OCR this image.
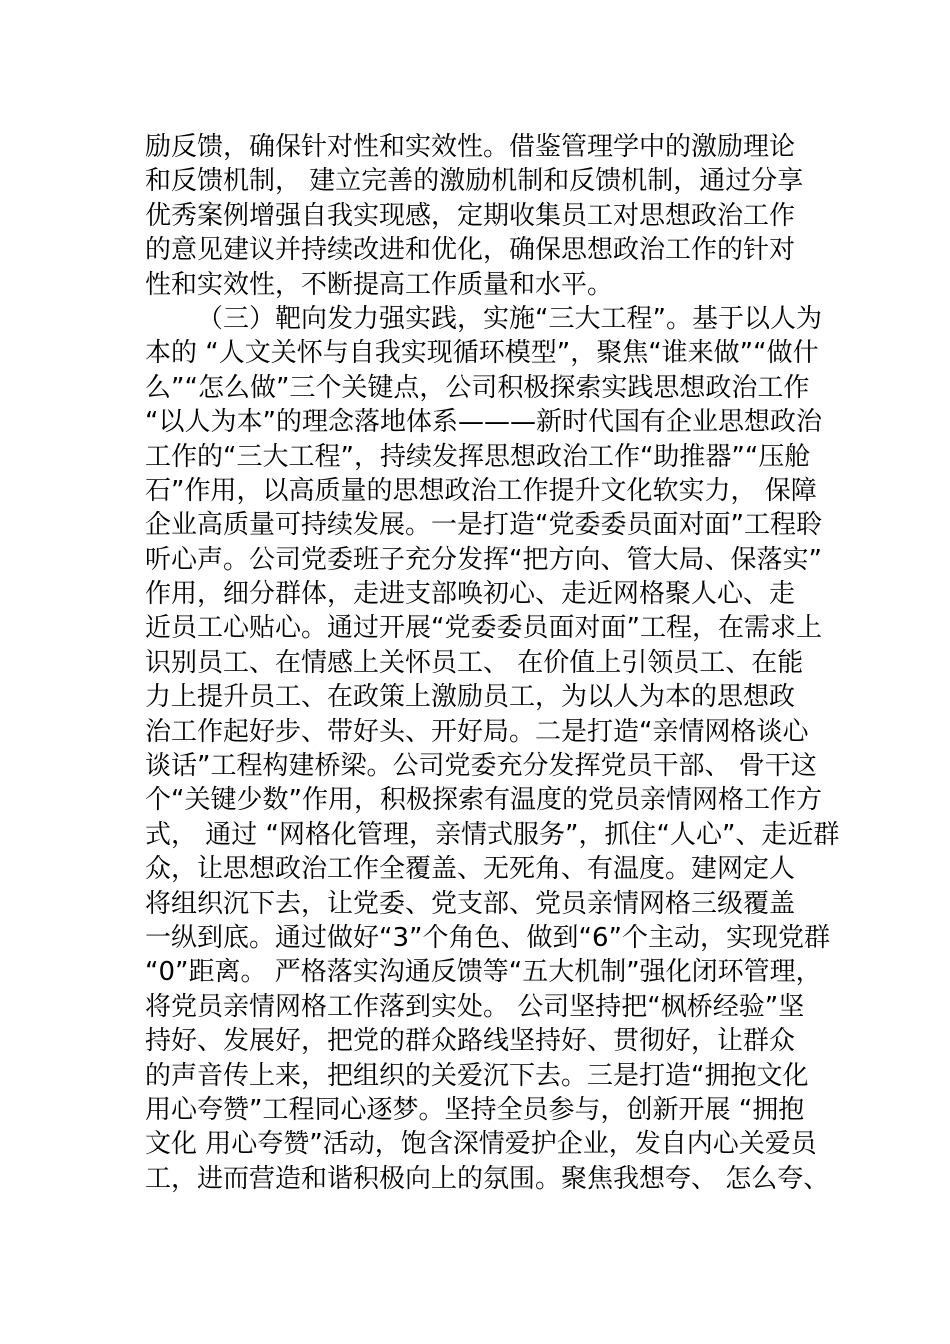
励反馈，确保针对性和实效性。借鉴管理学中的激励理论

和反馈机制， 建立完善的激励机制和反馈机制，通过分享

优秀案例增强自我实现感，定期收集员工对思想政治工作

的意见建议并持续改进和优化，确保思想政治工作的针对

性和实效性，不断提高工作质量和水平。

（三）靶向发力强实践，实施“三大工程”。基于以人为

本的 “人文关怀与自我实现循环模型”，聚焦“谁来做”“做什

么”“怎么做”三个关键点，公司积极探索实践思想政治工作

“以人为本”的理念落地体系———新时代国有企业思想政治

工作的“三大工程”，持续发挥思想政治工作“助推器”“压舱

石”作用，以高质量的思想政治工作提升文化软实力， 保障

企业高质量可持续发展。一是打造“党委委员面对面”工程聆

听心声。公司党委班子充分发挥“把方向、管大局、保落实”

作用，细分群体，走进支部唤初心、走近网格聚人心、走

近员工心贴心。通过开展“党委委员面对面”工程，在需求上

识别员工、在情感上关怀员工、 在价值上引领员工、在能

力上提升员工、在政策上激励员工，为以人为本的思想政

治工作起好步、带好头、开好局。二是打造“亲情网格谈心

谈话”工程构建桥梁。公司党委充分发挥党员干部、 骨干这

个“关键少数”作用，积极探索有温度的党员亲情网格工作方

式， 通过 “网格化管理，亲情式服务”，抓住“人心”、走近群

众，让思想政治工作全覆盖、无死角、有温度。建网定人

将组织沉下去，让党委、党支部、党员亲情网格三级覆盖

一纵到底。通过做好“3”个角色、做到“6”个主动，实现党群

“0”距离。 严格落实沟通反馈等“五大机制”强化闭环管理，

将党员亲情网格工作落到实处。 公司坚持把“枫桥经验”坚

持好、发展好，把党的群众路线坚持好、贯彻好，让群众

的声音传上来，把组织的关爱沉下去。三是打造“拥抱文化

用心夸赞”工程同心逐梦。坚持全员参与，创新开展 “拥抱

文化 用心夸赞”活动，饱含深情爱护企业，发自内心关爱员

工，进而营造和谐积极向上的氛围。聚焦我想夸、 怎么夸、
